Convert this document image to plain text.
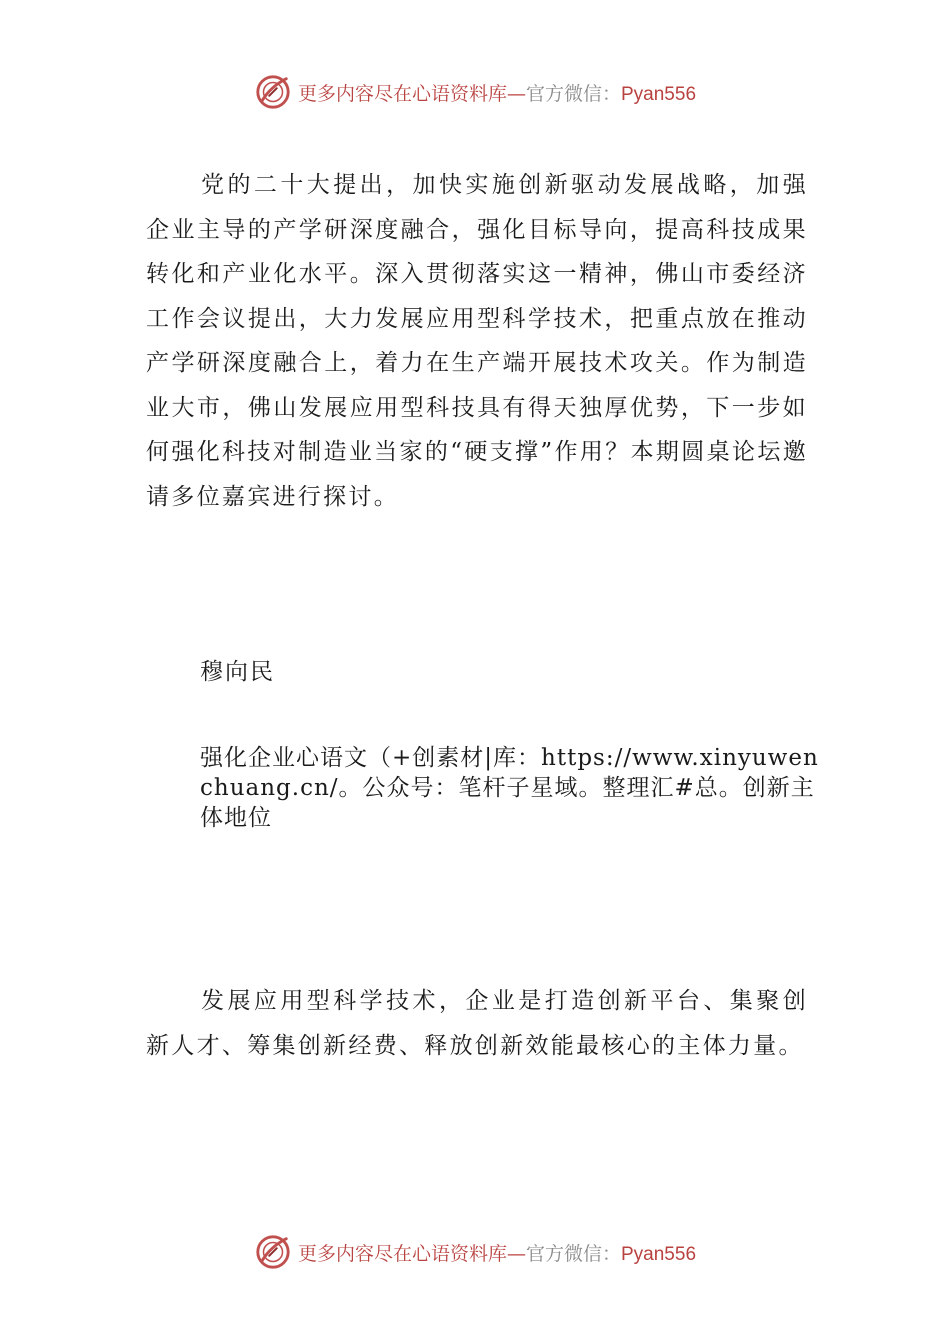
更多内容尽在心语资料库—官方微信：Pyan556

党的二十大提出，加快实施创新驱动发展战略，加强企业主导的产学研深度融合，强化目标导向，提高科技成果转化和产业化水平。深入贯彻落实这一精神，佛山市委经济工作会议提出，大力发展应用型科学技术，把重点放在推动产学研深度融合上，着力在生产端开展技术攻关。作为制造业大市，佛山发展应用型科技具有得天独厚优势，下一步如何强化科技对制造业当家的“硬支撑”作用？本期圆桌论坛邀请多位嘉宾进行探讨。

穆向民

强化企业心语文（+创素材|库：https://www.xinyuwenchuang.cn/。公众号：笔杆子星域。整理汇#总。创新主体地位

发展应用型科学技术，企业是打造创新平台、集聚创新人才、筹集创新经费、释放创新效能最核心的主体力量。

更多内容尽在心语资料库—官方微信：Pyan556
